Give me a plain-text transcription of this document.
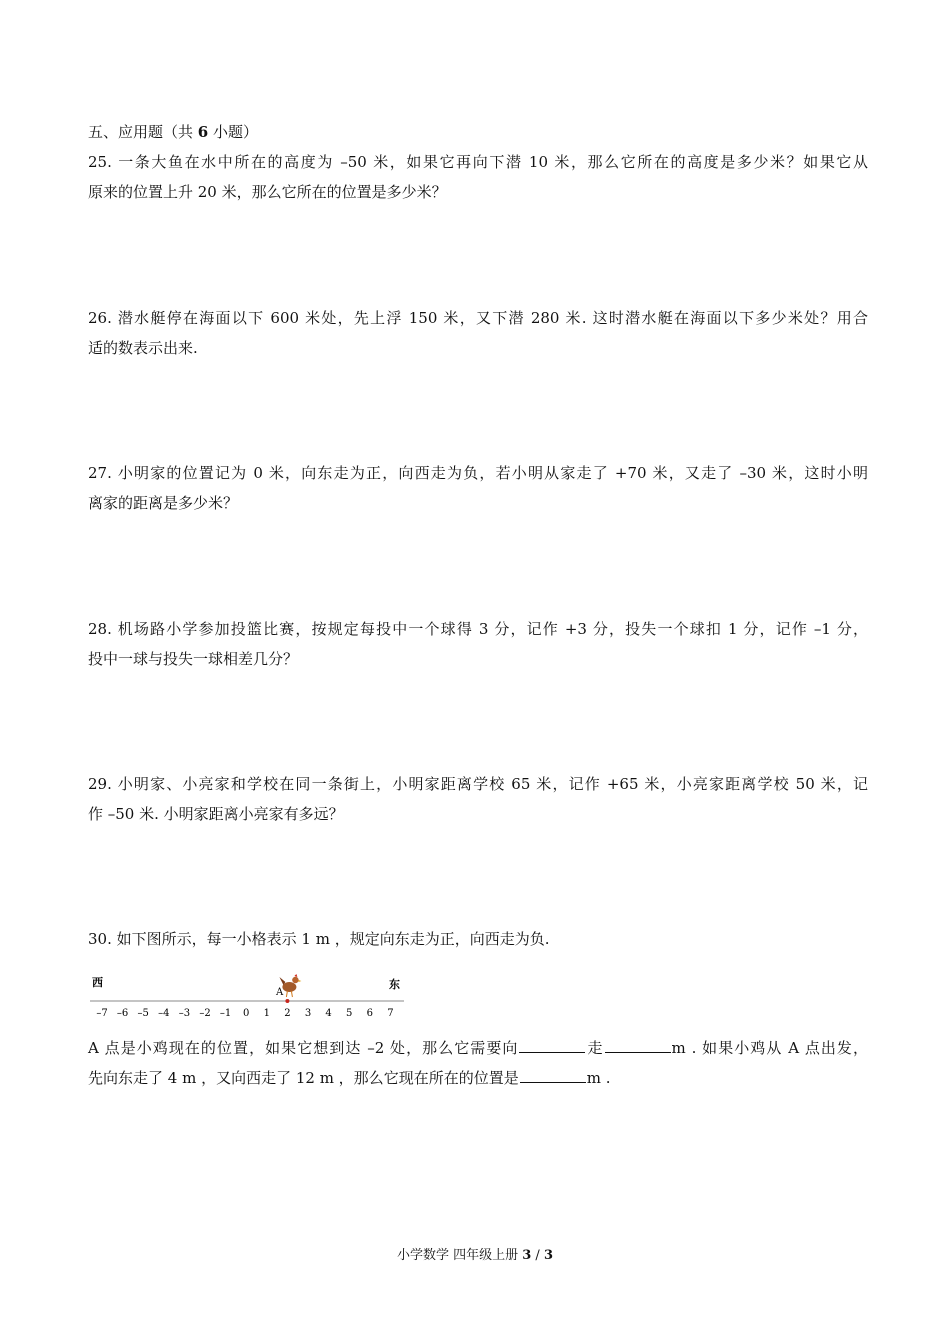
五、应用题（共 6 小题）
25. 一条大鱼在水中所在的高度为 –50 米，如果它再向下潜 10 米，那么它所在的高度是多少米？如果它从
原来的位置上升 20 米，那么它所在的位置是多少米？
26. 潜水艇停在海面以下 600 米处，先上浮 150 米，又下潜 280 米. 这时潜水艇在海面以下多少米处？用合
适的数表示出来.
27. 小明家的位置记为 0 米，向东走为正，向西走为负，若小明从家走了 +70 米，又走了 –30 米，这时小明
离家的距离是多少米？
28. 机场路小学参加投篮比赛，按规定每投中一个球得 3 分，记作 +3 分，投失一个球扣 1 分，记作 –1 分，
投中一球与投失一球相差几分？
29. 小明家、小亮家和学校在同一条街上，小明家距离学校 65 米，记作 +65 米，小亮家距离学校 50 米，记
作 –50 米. 小明家距离小亮家有多远？
30. 如下图所示，每一小格表示 1 m ，规定向东走为正，向西走为负.
西	东
–7 –6 –5 –4 –3 –2 –1 0 1 2 3 4 5 6 7
A
A 点是小鸡现在的位置，如果它想到达 –2 处，那么它需要向	走	m . 如果小鸡从 A 点出发，
先向东走了 4 m ，又向西走了 12 m ，那么它现在所在的位置是	m .
小学数学 四年级上册 3 / 3
